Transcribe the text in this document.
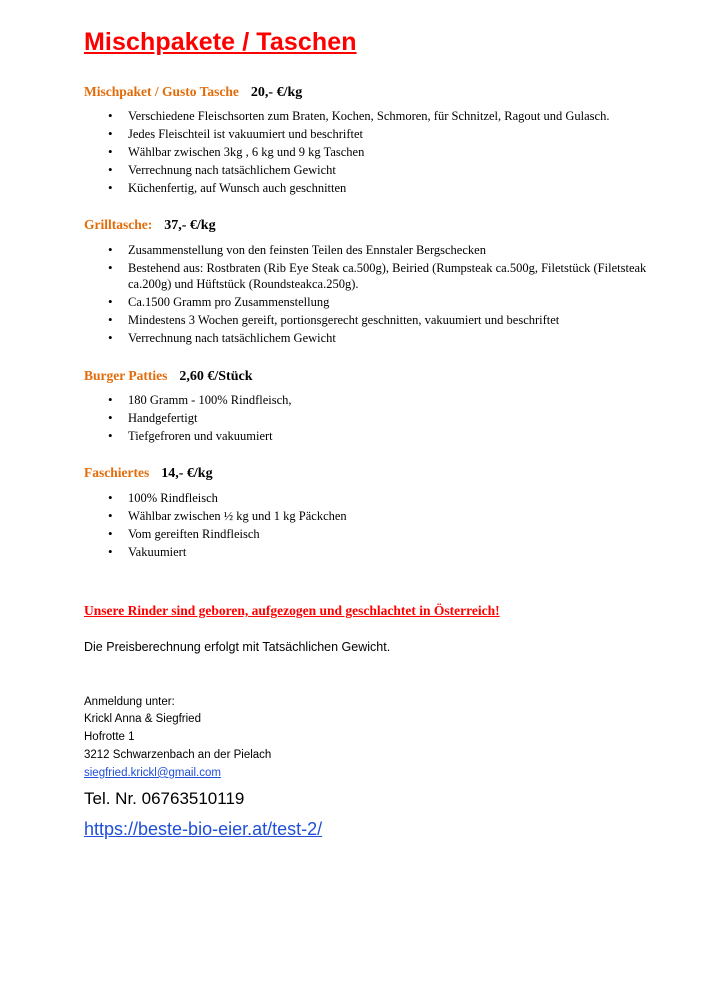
Mischpakete / Taschen

Mischpaket / Gusto Tasche 20,- €/kg

• Verschiedene Fleischsorten zum Braten, Kochen, Schmoren, für Schnitzel, Ragout und Gulasch.
• Jedes Fleischteil ist vakuumiert und beschriftet
• Wählbar zwischen 3kg , 6 kg und 9 kg Taschen
• Verrechnung nach tatsächlichem Gewicht
• Küchenfertig, auf Wunsch auch geschnitten

Grilltasche: 37,- €/kg

• Zusammenstellung von den feinsten Teilen des Ennstaler Bergschecken
• Bestehend aus: Rostbraten (Rib Eye Steak ca.500g), Beiried (Rumpsteak ca.500g, Filetstück (Filetsteak ca.200g) und Hüftstück (Roundsteakca.250g).
• Ca.1500 Gramm pro Zusammenstellung
• Mindestens 3 Wochen gereift, portionsgerecht geschnitten, vakuumiert und beschriftet
• Verrechnung nach tatsächlichem Gewicht

Burger Patties 2,60 €/Stück

• 180 Gramm - 100% Rindfleisch,
• Handgefertigt
• Tiefgefroren und vakuumiert

Faschiertes 14,- €/kg

• 100% Rindfleisch
• Wählbar zwischen ½ kg und 1 kg Päckchen
• Vom gereiften Rindfleisch
• Vakuumiert

Unsere Rinder sind geboren, aufgezogen und geschlachtet in Österreich!

Die Preisberechnung erfolgt mit Tatsächlichen Gewicht.

Anmeldung unter:
Krickl Anna & Siegfried
Hofrotte 1
3212 Schwarzenbach an der Pielach
siegfried.krickl@gmail.com
Tel. Nr. 06763510119
https://beste-bio-eier.at/test-2/
